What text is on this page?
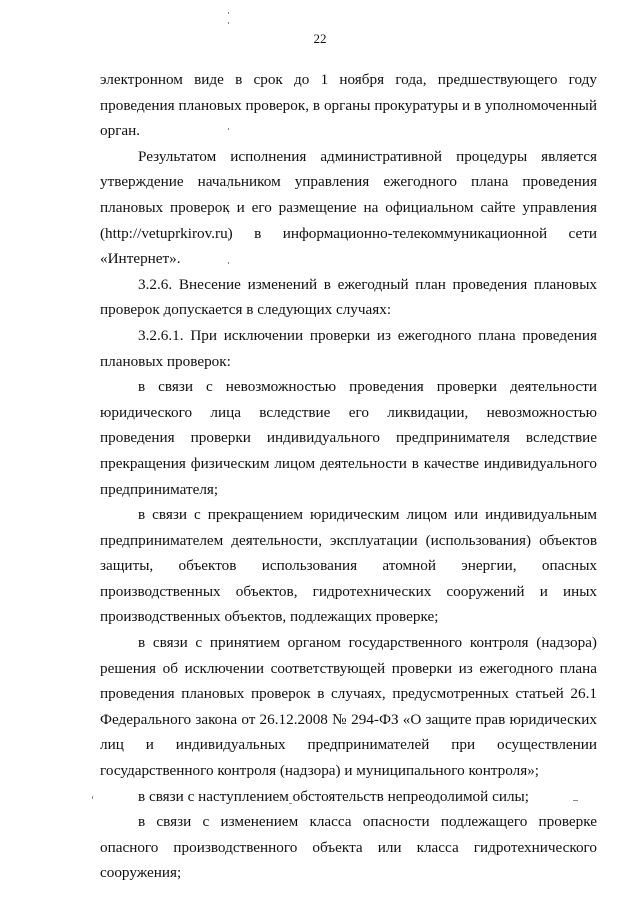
22

электронном виде в срок до 1 ноября года, предшествующего году проведения плановых проверок, в органы прокуратуры и в уполномоченный орган.

Результатом исполнения административной процедуры является утверждение начальником управления ежегодного плана проведения плановых проверок и его размещение на официальном сайте управления (http://vetuprkirov.ru) в информационно-телекоммуникационной сети «Интернет».

3.2.6. Внесение изменений в ежегодный план проведения плановых проверок допускается в следующих случаях:

3.2.6.1. При исключении проверки из ежегодного плана проведения плановых проверок:

в связи с невозможностью проведения проверки деятельности юридического лица вследствие его ликвидации, невозможностью проведения проверки индивидуального предпринимателя вследствие прекращения физическим лицом деятельности в качестве индивидуального предпринимателя;

в связи с прекращением юридическим лицом или индивидуальным предпринимателем деятельности, эксплуатации (использования) объектов защиты, объектов использования атомной энергии, опасных производственных объектов, гидротехнических сооружений и иных производственных объектов, подлежащих проверке;

в связи с принятием органом государственного контроля (надзора) решения об исключении соответствующей проверки из ежегодного плана проведения плановых проверок в случаях, предусмотренных статьей 26.1 Федерального закона от 26.12.2008 № 294-ФЗ «О защите прав юридических лиц и индивидуальных предпринимателей при осуществлении государственного контроля (надзора) и муниципального контроля»;

в связи с наступлением обстоятельств непреодолимой силы;

в связи с изменением класса опасности подлежащего проверке опасного производственного объекта или класса гидротехнического сооружения;
